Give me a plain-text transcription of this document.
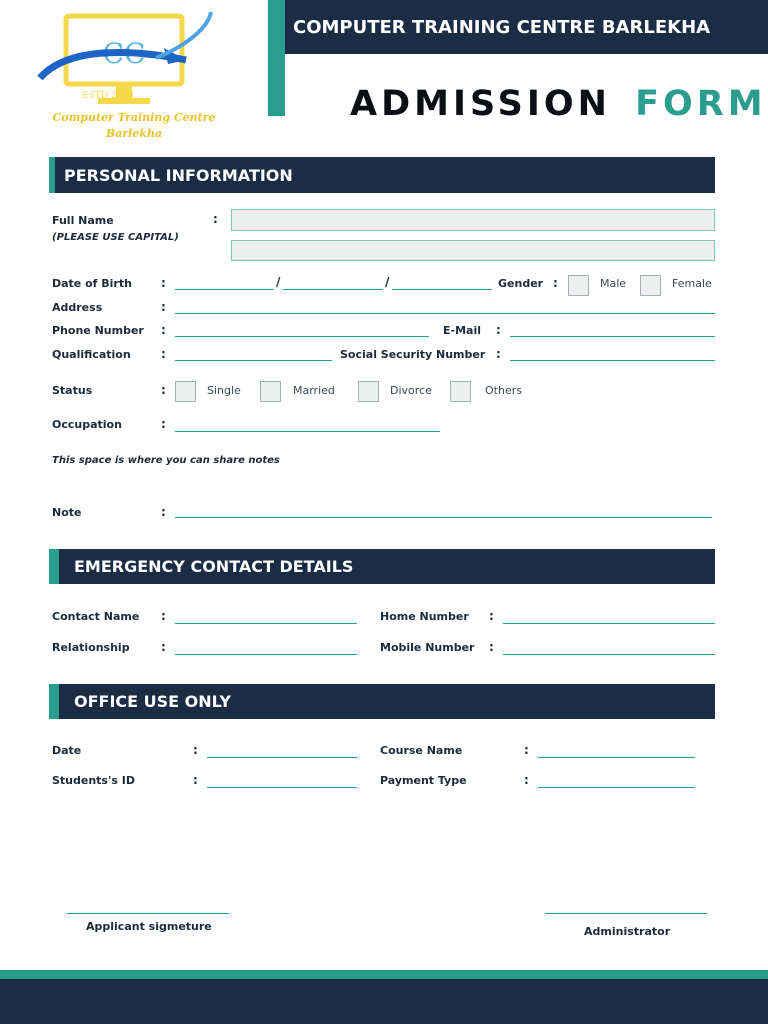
CC
ESTD 2023
Computer Training Centre
Barlekha
COMPUTER TRAINING CENTRE BARLEKHA
ADMISSION FORM
PERSONAL INFORMATION
Full Name
(PLEASE USE CAPITAL)
:
Date of Birth :	/	/	Gender :	Male	Female
Address	:
Phone Number :	E-Mail :
Qualification	:	Social Security Number :
Status	:	Single	Married	Divorce	Others
Occupation	:
This space is where you can share notes
Note	:
EMERGENCY CONTACT DETAILS
Contact Name :	Home Number :
Relationship	:	Mobile Number :
OFFICE USE ONLY
Date	:	Course Name	:
Students's ID	:	Payment Type	:
Applicant sigmeture	Administrator
